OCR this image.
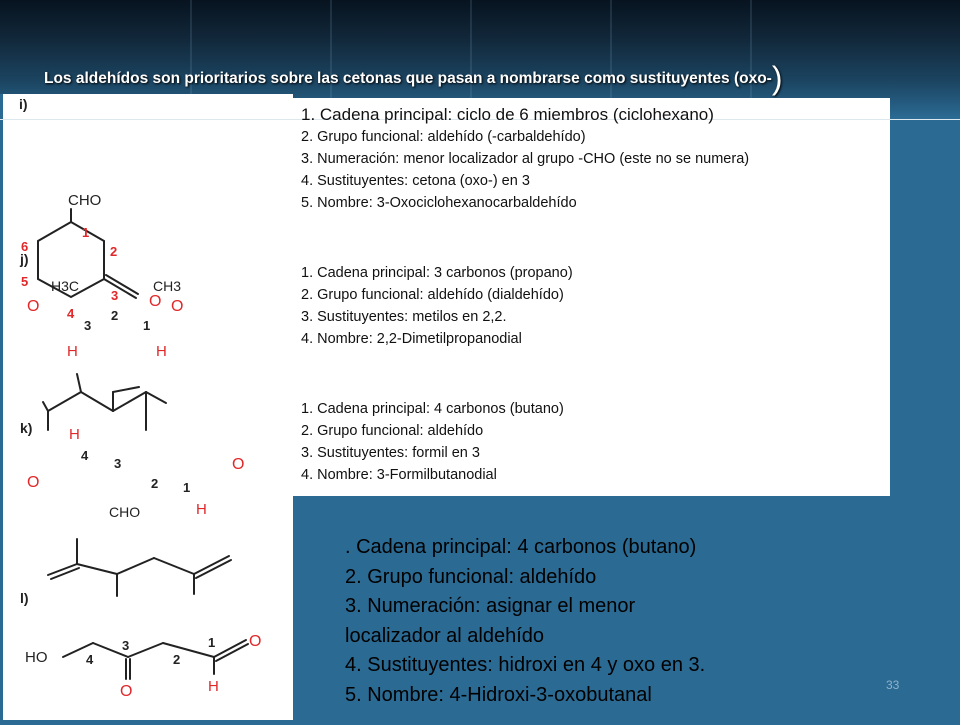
Los aldehídos son prioritarios sobre las cetonas que pasan a nombrarse como sustituyentes (oxo-)
i)
j)
k)
l)
CHO
O
1
2
3
4
5
6
H3C	CH3
O	O
H	H
3
2
1
H
O
CHO
O
H
4
3
2 1
HO
O
O
H
4
3
2
1
1. Cadena principal: ciclo de 6 miembros (ciclohexano)
2. Grupo funcional: aldehído (-carbaldehído)
3. Numeración: menor localizador al grupo -CHO (este no se numera)
4. Sustituyentes: cetona (oxo-) en 3
5. Nombre: 3-Oxociclohexanocarbaldehído
1. Cadena principal: 3 carbonos (propano)
2. Grupo funcional: aldehído (dialdehído)
3. Sustituyentes: metilos en 2,2.
4. Nombre: 2,2-Dimetilpropanodial
1. Cadena principal: 4 carbonos (butano)
2. Grupo funcional: aldehído
3. Sustituyentes: formil en 3
4. Nombre: 3-Formilbutanodial
. Cadena principal: 4 carbonos (butano)
2. Grupo funcional: aldehído
3. Numeración: asignar el menor
localizador al aldehído
4. Sustituyentes: hidroxi en 4 y oxo en 3.
5. Nombre: 4-Hidroxi-3-oxobutanal	33
